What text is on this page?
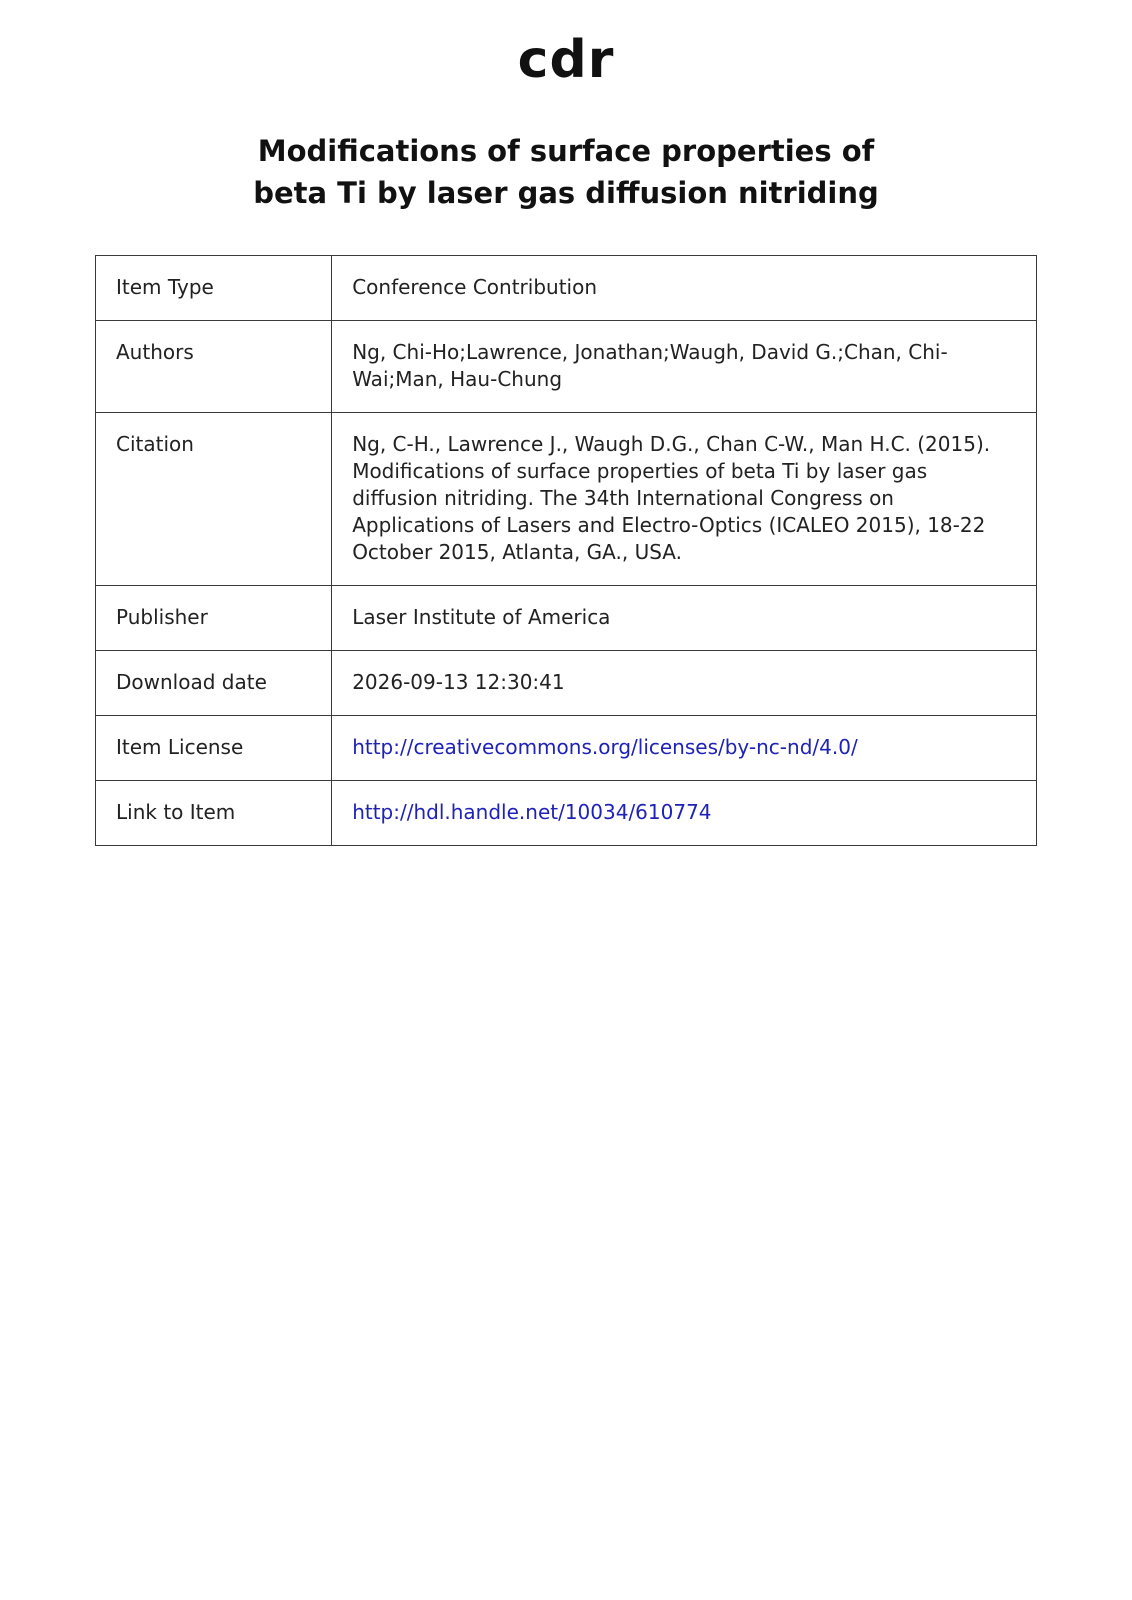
cdr
Modifications of surface properties of
beta Ti by laser gas diffusion nitriding
Item Type	Conference Contribution
Authors	Ng, Chi-Ho;Lawrence, Jonathan;Waugh, David G.;Chan, Chi-Wai;Man, Hau-Chung
Citation	Ng, C-H., Lawrence J., Waugh D.G., Chan C-W., Man H.C. (2015). Modifications of surface properties of beta Ti by laser gas diffusion nitriding. The 34th International Congress on Applications of Lasers and Electro-Optics (ICALEO 2015), 18-22 October 2015, Atlanta, GA., USA.
Publisher	Laser Institute of America
Download date	2026-09-13 12:30:41
Item License	http://creativecommons.org/licenses/by-nc-nd/4.0/
Link to Item	http://hdl.handle.net/10034/610774
